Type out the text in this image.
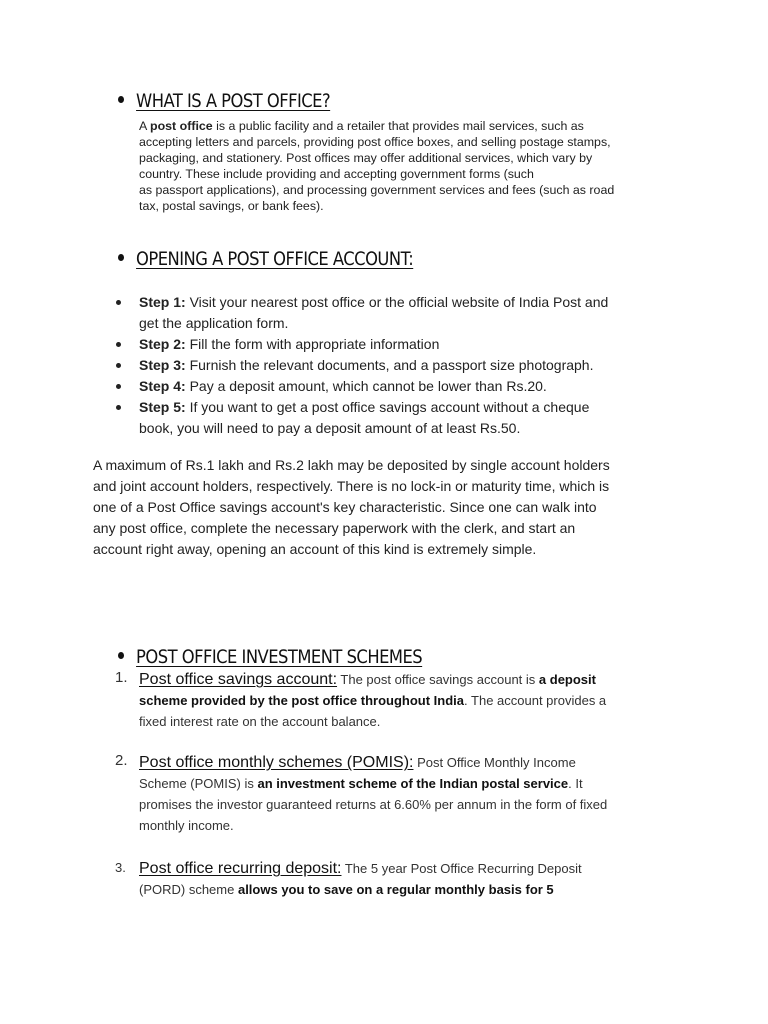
WHAT IS A POST OFFICE?

A post office is a public facility and a retailer that provides mail services, such as

accepting letters and parcels, providing post office boxes, and selling postage stamps,

packaging, and stationery. Post offices may offer additional services, which vary by

country. These include providing and accepting government forms (such

as passport applications), and processing government services and fees (such as road

tax, postal savings, or bank fees).

OPENING A POST OFFICE ACCOUNT:
Step 1: Visit your nearest post office or the official website of India Post and
get the application form.
Step 2: Fill the form with appropriate information
Step 3: Furnish the relevant documents, and a passport size photograph.
Step 4: Pay a deposit amount, which cannot be lower than Rs.20.
Step 5: If you want to get a post office savings account without a cheque
book, you will need to pay a deposit amount of at least Rs.50.

A maximum of Rs.1 lakh and Rs.2 lakh may be deposited by single account holders

and joint account holders, respectively. There is no lock-in or maturity time, which is

one of a Post Office savings account's key characteristic. Since one can walk into

any post office, complete the necessary paperwork with the clerk, and start an

account right away, opening an account of this kind is extremely simple.

POST OFFICE INVESTMENT SCHEMES
1. Post office savings account: The post office savings account is a deposit
scheme provided by the post office throughout India. The account provides a
fixed interest rate on the account balance.
2. Post office monthly schemes (POMIS): Post Office Monthly Income
Scheme (POMIS) is an investment scheme of the Indian postal service. It
promises the investor guaranteed returns at 6.60% per annum in the form of fixed
monthly income.
3. Post office recurring deposit: The 5 year Post Office Recurring Deposit
(PORD) scheme allows you to save on a regular monthly basis for 5
